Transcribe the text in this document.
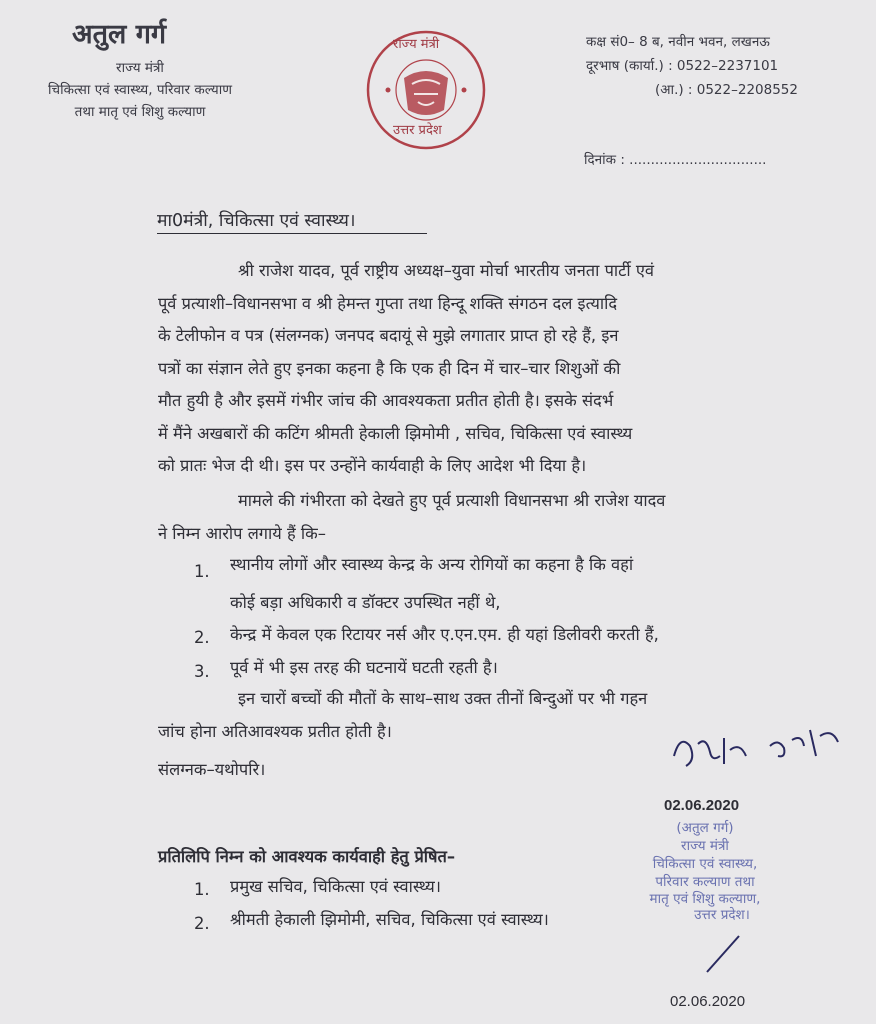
अतुल गर्ग
राज्य मंत्री
चिकित्सा एवं स्वास्थ्य, परिवार कल्याण
तथा मातृ एवं शिशु कल्याण
राज्य मंत्री
उत्तर प्रदेश
कक्ष सं0– 8 ब, नवीन भवन, लखनऊ
दूरभाष (कार्या.) : 0522–2237101
(आ.) : 0522–2208552
दिनांक : ................................
मा0मंत्री, चिकित्सा एवं स्वास्थ्य।
श्री राजेश यादव, पूर्व राष्ट्रीय अध्यक्ष–युवा मोर्चा भारतीय जनता पार्टी एवं
पूर्व प्रत्याशी–विधानसभा व श्री हेमन्त गुप्ता तथा हिन्दू शक्ति संगठन दल इत्यादि
के टेलीफोन व पत्र (संलग्नक) जनपद बदायूं से मुझे लगातार प्राप्त हो रहे हैं, इन
पत्रों का संज्ञान लेते हुए इनका कहना है कि एक ही दिन में चार–चार शिशुओं की
मौत हुयी है और इसमें गंभीर जांच की आवश्यकता प्रतीत होती है। इसके संदर्भ
में मैंने अखबारों की कटिंग श्रीमती हेकाली झिमोमी , सचिव, चिकित्सा एवं स्वास्थ्य
को प्रातः भेज दी थी। इस पर उन्होंने कार्यवाही के लिए आदेश भी दिया है।
मामले की गंभीरता को देखते हुए पूर्व प्रत्याशी विधानसभा श्री राजेश यादव
ने निम्न आरोप लगाये हैं कि–
1. स्थानीय लोगों और स्वास्थ्य केन्द्र के अन्य रोगियों का कहना है कि वहां
कोई बड़ा अधिकारी व डॉक्टर उपस्थित नहीं थे,
2. केन्द्र में केवल एक रिटायर नर्स और ए.एन.एम. ही यहां डिलीवरी करती हैं,
3. पूर्व में भी इस तरह की घटनायें घटती रहती है।
इन चारों बच्चों की मौतों के साथ–साथ उक्त तीनों बिन्दुओं पर भी गहन
जांच होना अतिआवश्यक प्रतीत होती है।
संलग्नक–यथोपरि।
02.06.2020
(अतुल गर्ग)
राज्य मंत्री
चिकित्सा एवं स्वास्थ्य,
परिवार कल्याण तथा
मातृ एवं शिशु कल्याण,
उत्तर प्रदेश।
प्रतिलिपि निम्न को आवश्यक कार्यवाही हेतु प्रेषित–
1. प्रमुख सचिव, चिकित्सा एवं स्वास्थ्य।
2. श्रीमती हेकाली झिमोमी, सचिव, चिकित्सा एवं स्वास्थ्य।
02.06.2020
